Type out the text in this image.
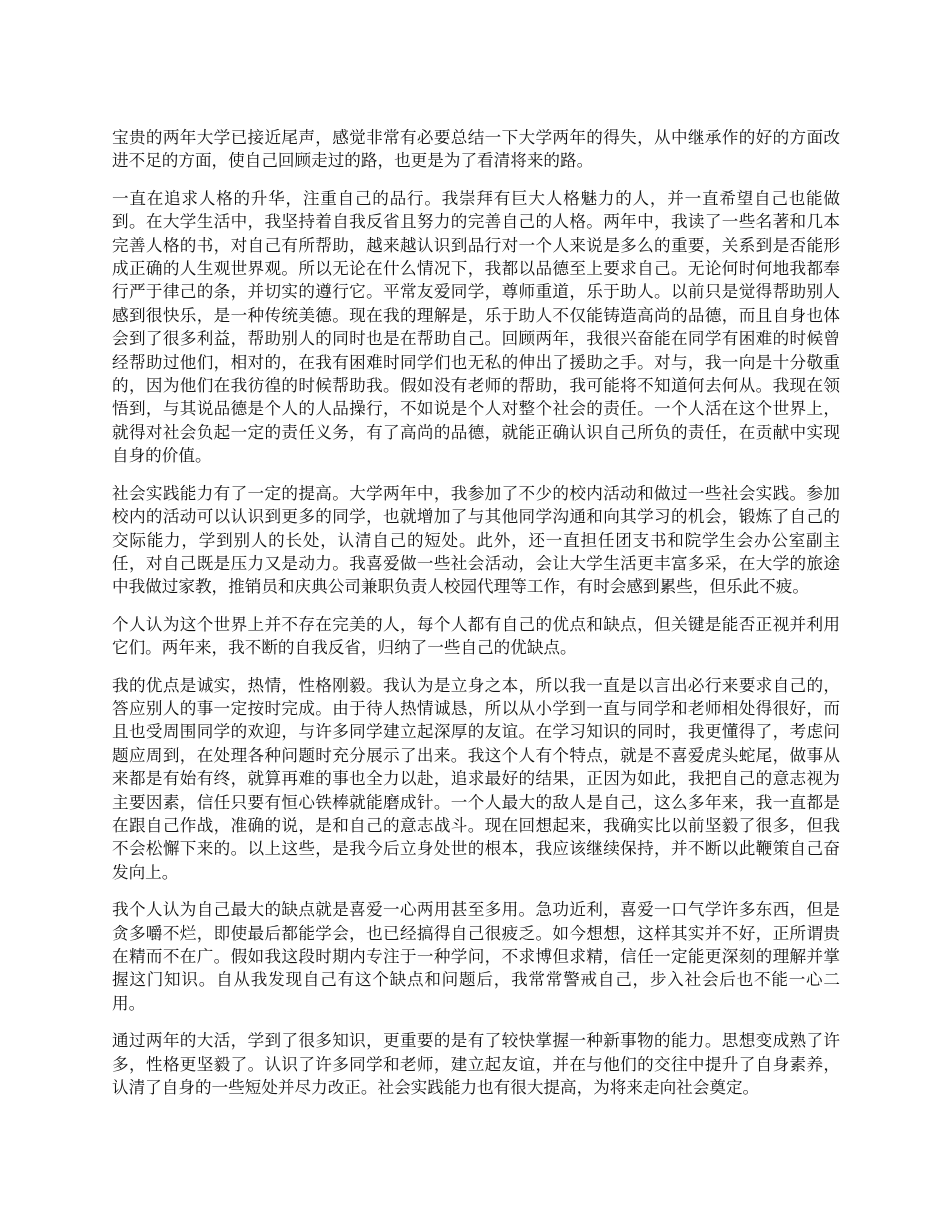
宝贵的两年大学已接近尾声，感觉非常有必要总结一下大学两年的得失，从中继承作的好的方面改进不足的方面，使自己回顾走过的路，也更是为了看清将来的路。

一直在追求人格的升华，注重自己的品行。我崇拜有巨大人格魅力的人，并一直希望自己也能做到。在大学生活中，我坚持着自我反省且努力的完善自己的人格。两年中，我读了一些名著和几本完善人格的书，对自己有所帮助，越来越认识到品行对一个人来说是多么的重要，关系到是否能形成正确的人生观世界观。所以无论在什么情况下，我都以品德至上要求自己。无论何时何地我都奉行严于律己的条，并切实的遵行它。平常友爱同学，尊师重道，乐于助人。以前只是觉得帮助别人感到很快乐，是一种传统美德。现在我的理解是，乐于助人不仅能铸造高尚的品德，而且自身也体会到了很多利益，帮助别人的同时也是在帮助自己。回顾两年，我很兴奋能在同学有困难的时候曾经帮助过他们，相对的，在我有困难时同学们也无私的伸出了援助之手。对与，我一向是十分敬重的，因为他们在我彷徨的时候帮助我。假如没有老师的帮助，我可能将不知道何去何从。我现在领悟到，与其说品德是个人的人品操行，不如说是个人对整个社会的责任。一个人活在这个世界上，就得对社会负起一定的责任义务，有了高尚的品德，就能正确认识自己所负的责任，在贡献中实现自身的价值。

社会实践能力有了一定的提高。大学两年中，我参加了不少的校内活动和做过一些社会实践。参加校内的活动可以认识到更多的同学，也就增加了与其他同学沟通和向其学习的机会，锻炼了自己的交际能力，学到别人的长处，认清自己的短处。此外，还一直担任团支书和院学生会办公室副主任，对自己既是压力又是动力。我喜爱做一些社会活动，会让大学生活更丰富多采，在大学的旅途中我做过家教，推销员和庆典公司兼职负责人校园代理等工作，有时会感到累些，但乐此不疲。

个人认为这个世界上并不存在完美的人，每个人都有自己的优点和缺点，但关键是能否正视并利用它们。两年来，我不断的自我反省，归纳了一些自己的优缺点。

我的优点是诚实，热情，性格刚毅。我认为是立身之本，所以我一直是以言出必行来要求自己的，答应别人的事一定按时完成。由于待人热情诚恳，所以从小学到一直与同学和老师相处得很好，而且也受周围同学的欢迎，与许多同学建立起深厚的友谊。在学习知识的同时，我更懂得了，考虑问题应周到，在处理各种问题时充分展示了出来。我这个人有个特点，就是不喜爱虎头蛇尾，做事从来都是有始有终，就算再难的事也全力以赴，追求最好的结果，正因为如此，我把自己的意志视为主要因素，信任只要有恒心铁棒就能磨成针。一个人最大的敌人是自己，这么多年来，我一直都是在跟自己作战，准确的说，是和自己的意志战斗。现在回想起来，我确实比以前坚毅了很多，但我不会松懈下来的。以上这些，是我今后立身处世的根本，我应该继续保持，并不断以此鞭策自己奋发向上。

我个人认为自己最大的缺点就是喜爱一心两用甚至多用。急功近利，喜爱一口气学许多东西，但是贪多嚼不烂，即使最后都能学会，也已经搞得自己很疲乏。如今想想，这样其实并不好，正所谓贵在精而不在广。假如我这段时期内专注于一种学问，不求博但求精，信任一定能更深刻的理解并掌握这门知识。自从我发现自己有这个缺点和问题后，我常常警戒自己，步入社会后也不能一心二用。

通过两年的大活，学到了很多知识，更重要的是有了较快掌握一种新事物的能力。思想变成熟了许多，性格更坚毅了。认识了许多同学和老师，建立起友谊，并在与他们的交往中提升了自身素养，认清了自身的一些短处并尽力改正。社会实践能力也有很大提高，为将来走向社会奠定。
